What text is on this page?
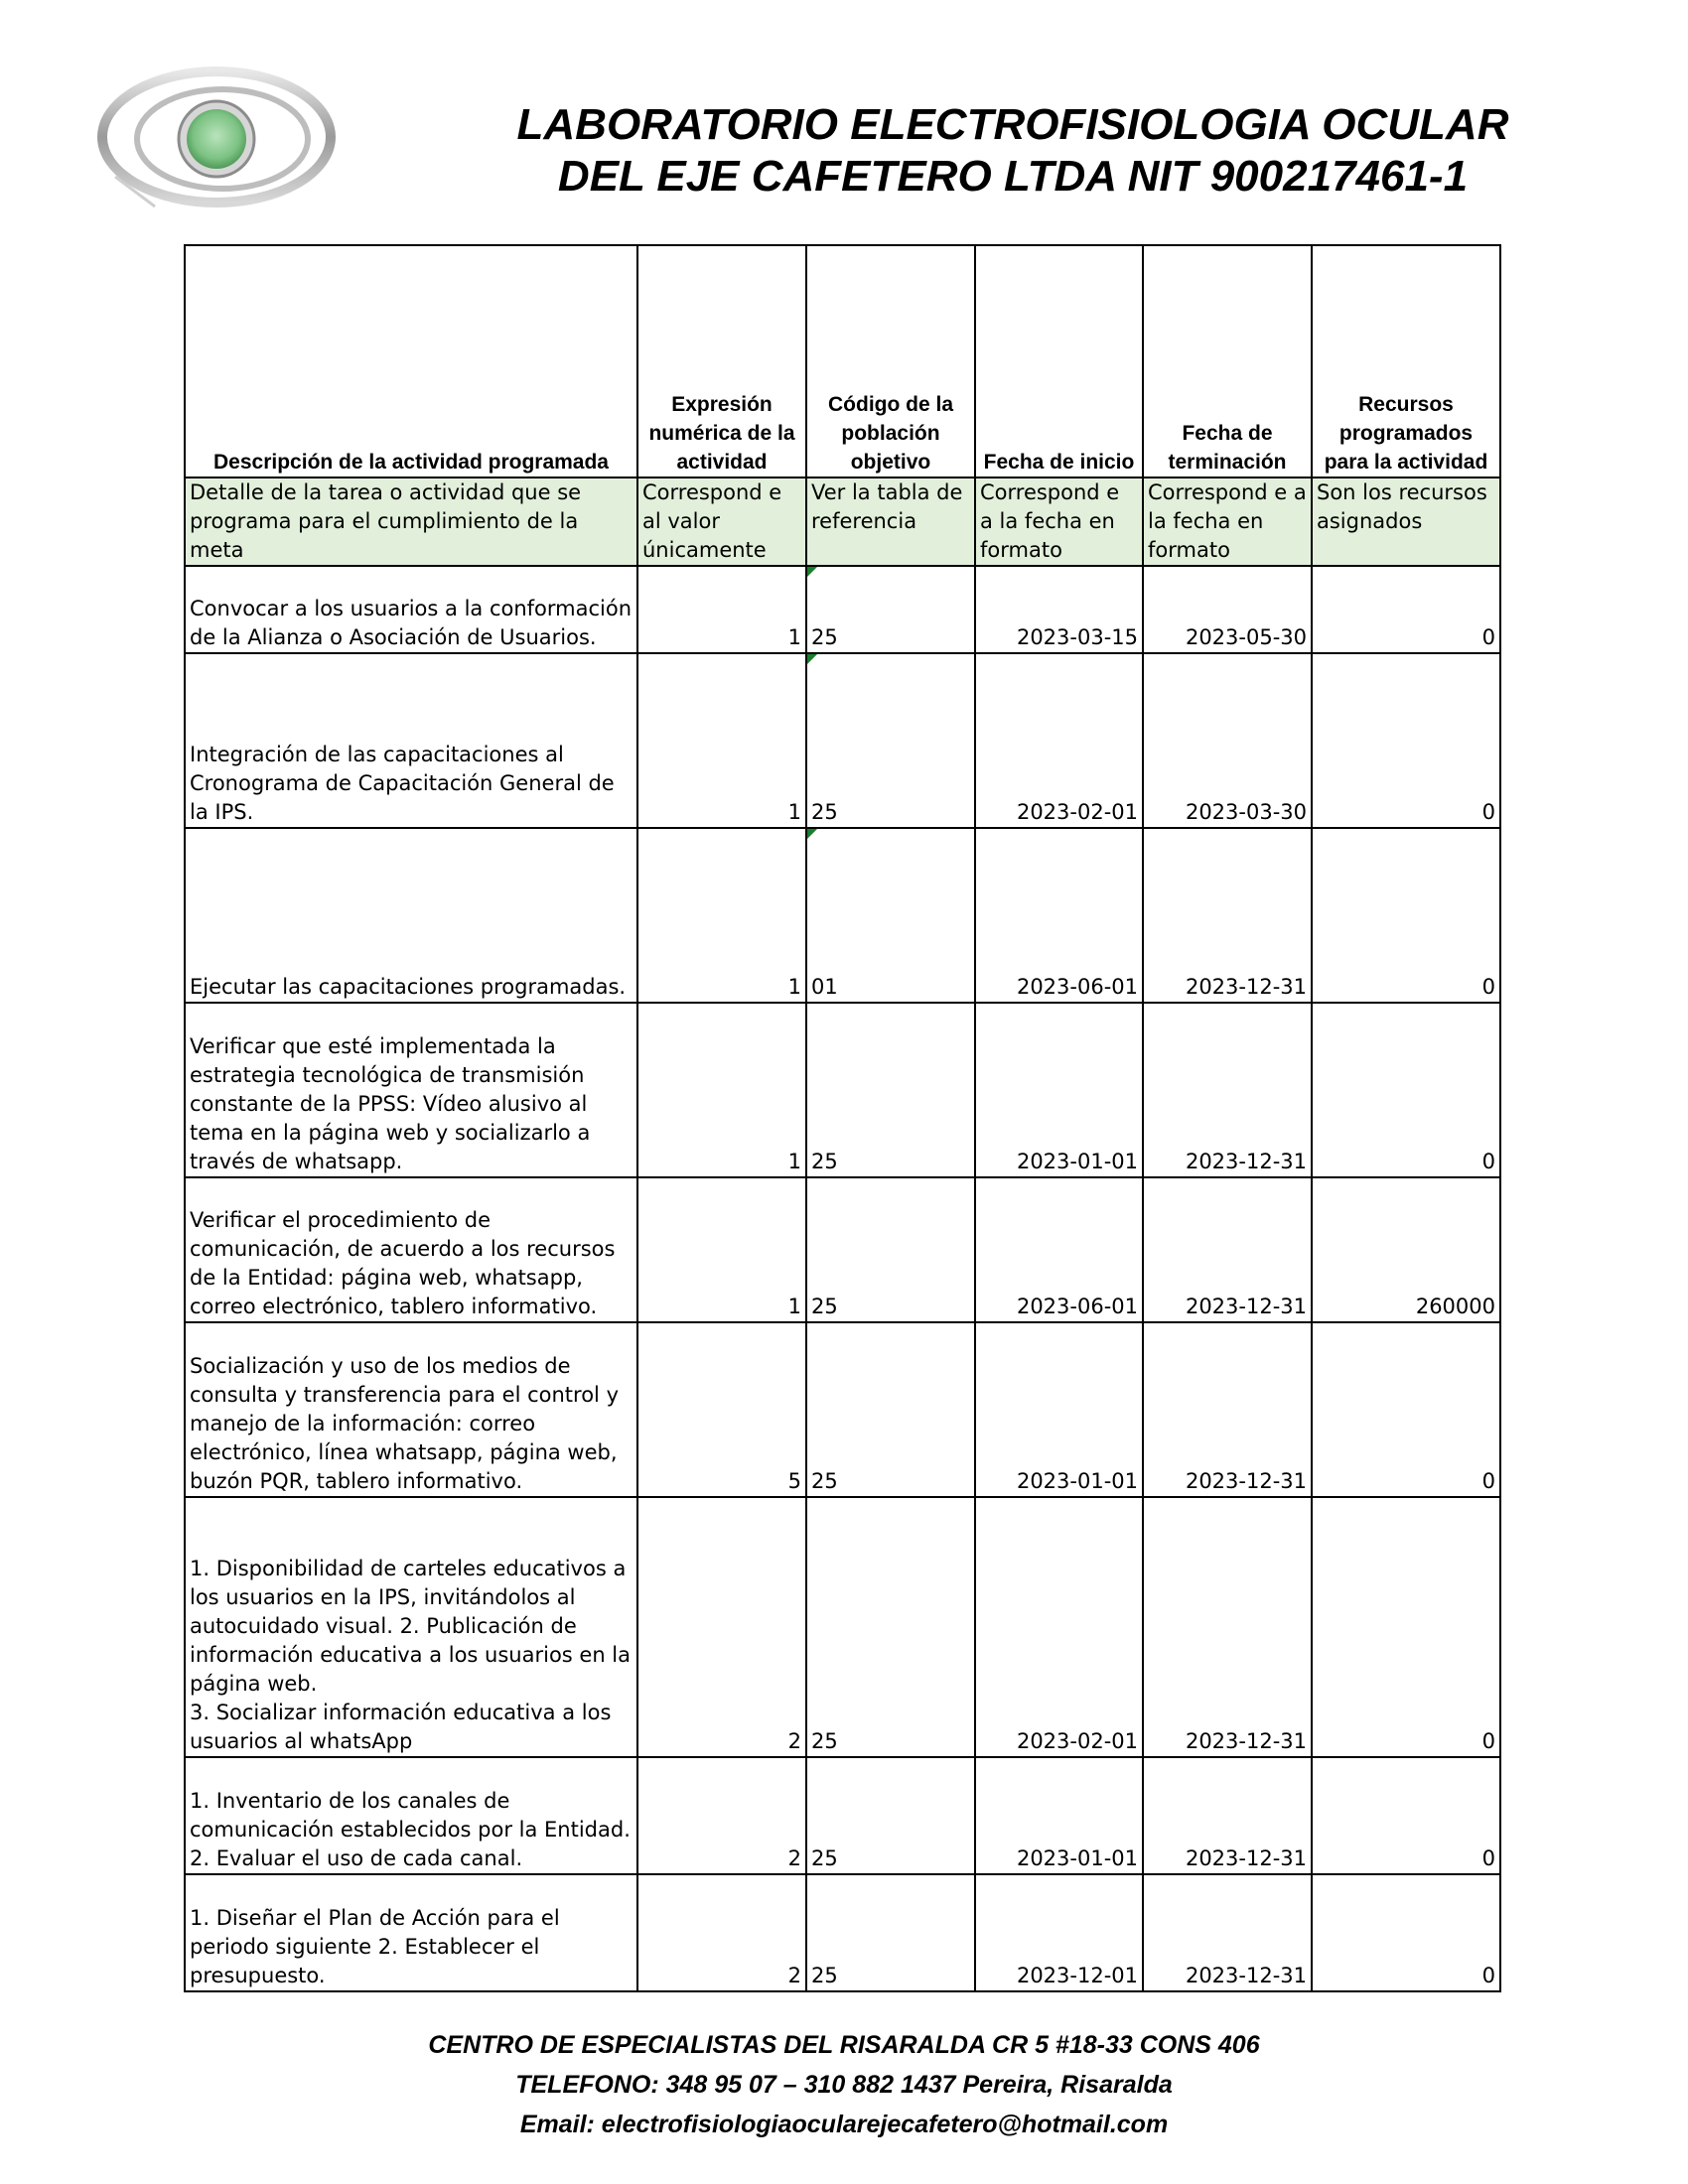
LABORATORIO ELECTROFISIOLOGIA OCULAR
DEL EJE CAFETERO LTDA NIT 900217461-1
Descripción de la actividad programada	Expresión numérica de la actividad	Código de la población objetivo	Fecha de inicio	Fecha de terminación	Recursos programados para la actividad
Detalle de la tarea o actividad que se programa para el cumplimiento de la meta	Correspond e al valor únicamente	Ver la tabla de referencia	Correspond e a la fecha en formato	Correspond e a la fecha en formato	Son los recursos asignados
Convocar a los usuarios a la conformación de la Alianza o Asociación de Usuarios.	1	25	2023-03-15	2023-05-30	0
Integración de las capacitaciones al Cronograma de Capacitación General de la IPS.	1	25	2023-02-01	2023-03-30	0
Ejecutar las capacitaciones programadas.	1	01	2023-06-01	2023-12-31	0
Verificar que esté implementada la estrategia tecnológica de transmisión constante de la PPSS: Vídeo alusivo al tema en la página web y socializarlo a través de whatsapp.	1	25	2023-01-01	2023-12-31	0
Verificar el procedimiento de comunicación, de acuerdo a los recursos de la Entidad: página web, whatsapp, correo electrónico, tablero informativo.	1	25	2023-06-01	2023-12-31	260000
Socialización y uso de los medios de consulta y transferencia para el control y manejo de la información: correo electrónico, línea whatsapp, página web, buzón PQR, tablero informativo.	5	25	2023-01-01	2023-12-31	0
1. Disponibilidad de carteles educativos a los usuarios en la IPS, invitándolos al autocuidado visual. 2. Publicación de información educativa a los usuarios en la página web.
3. Socializar información educativa a los usuarios al whatsApp	2	25	2023-02-01	2023-12-31	0
1. Inventario de los canales de comunicación establecidos por la Entidad. 2. Evaluar el uso de cada canal.	2	25	2023-01-01	2023-12-31	0
1. Diseñar el Plan de Acción para el periodo siguiente 2. Establecer el presupuesto.	2	25	2023-12-01	2023-12-31	0
CENTRO DE ESPECIALISTAS DEL RISARALDA CR 5 #18-33 CONS 406
TELEFONO: 348 95 07 – 310 882 1437 Pereira, Risaralda
Email: electrofisiologiaocularejecafetero@hotmail.com
